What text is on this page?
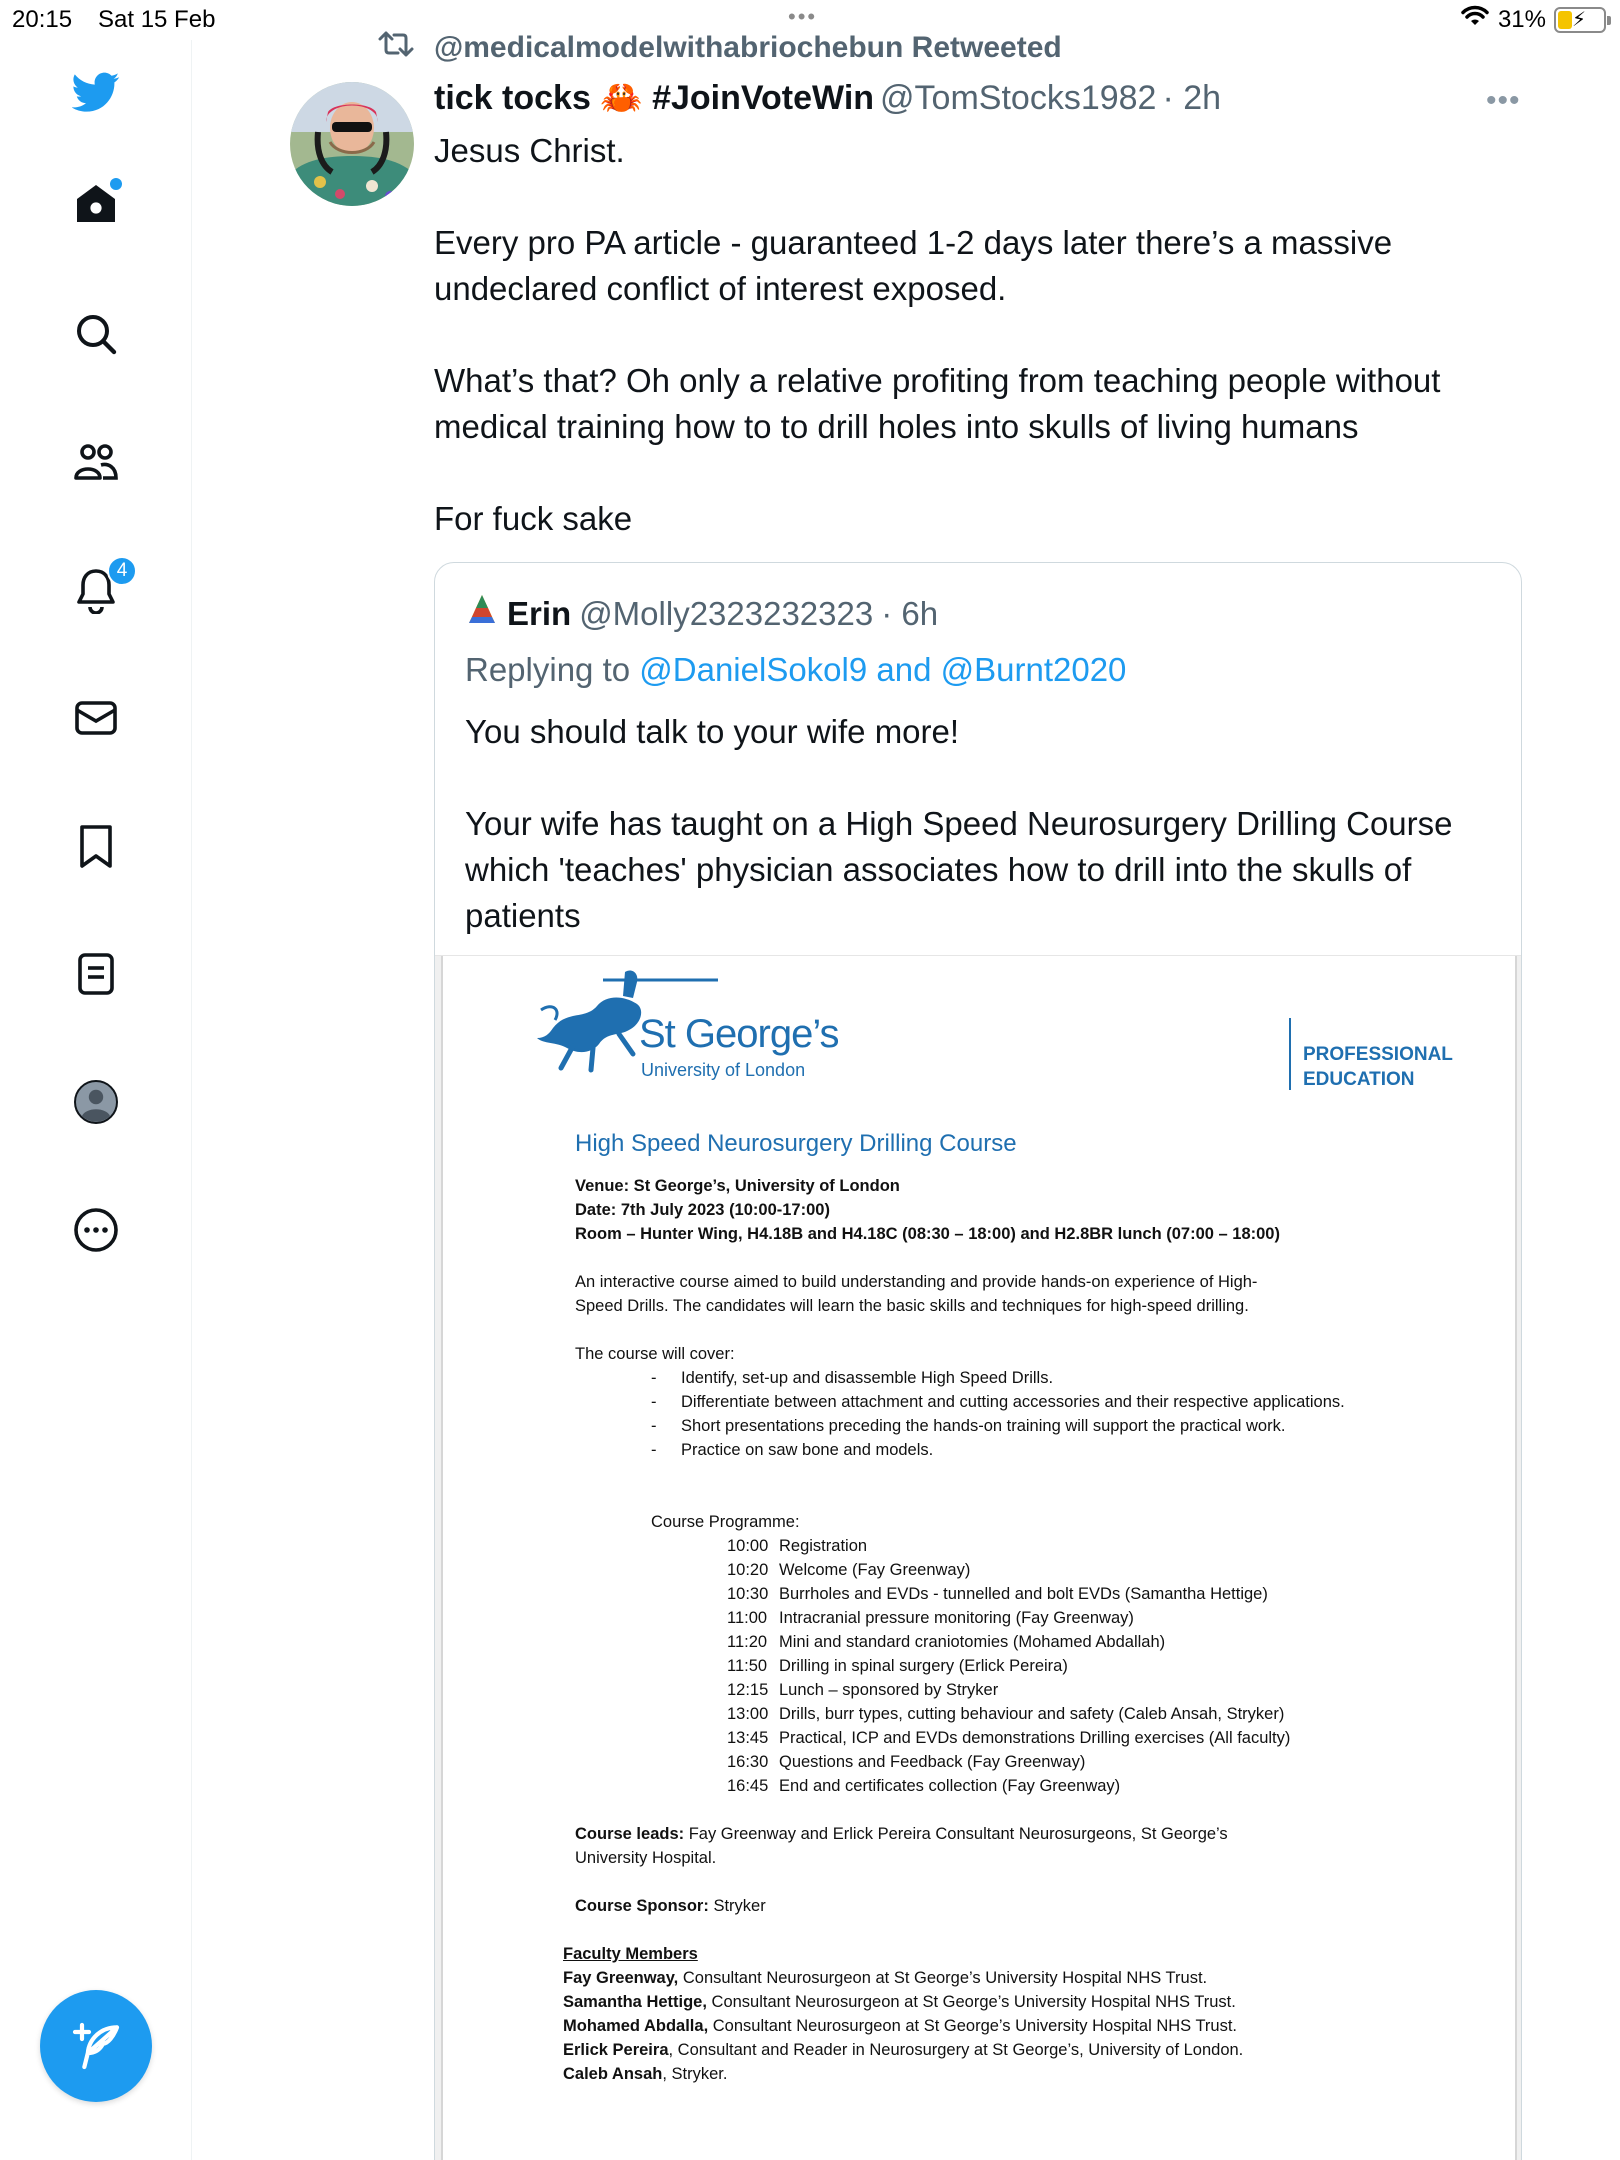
20:15 Sat 15 Feb	•••	31% ⚡
4
@medicalmodelwithabriochebun Retweeted
tick tocks 🦀 #JoinVoteWin @TomStocks1982 · 2h	•••

Jesus Christ.

Every pro PA article - guaranteed 1-2 days later there’s a massive undeclared conflict of interest exposed.

What’s that? Oh only a relative profiting from teaching people without medical training how to to drill holes into skulls of living humans

For fuck sake

Erin @Molly2323232323 · 6h
Replying to @DanielSokol9 and @Burnt2020

You should talk to your wife more!

Your wife has taught on a High Speed Neurosurgery Drilling Course which 'teaches' physician associates how to drill into the skulls of patients

St George’s
University of London
PROFESSIONAL
EDUCATION
High Speed Neurosurgery Drilling Course
Venue: St George’s, University of London
Date: 7th July 2023 (10:00-17:00)
Room – Hunter Wing, H4.18B and H4.18C (08:30 – 18:00) and H2.8BR lunch (07:00 – 18:00)
An interactive course aimed to build understanding and provide hands-on experience of High-
Speed Drills. The candidates will learn the basic skills and techniques for high-speed drilling.
The course will cover:
- Identify, set-up and disassemble High Speed Drills.
- Differentiate between attachment and cutting accessories and their respective applications.
- Short presentations preceding the hands-on training will support the practical work.
- Practice on saw bone and models.
Course Programme:
10:00 Registration
10:20 Welcome (Fay Greenway)
10:30 Burrholes and EVDs - tunnelled and bolt EVDs (Samantha Hettige)
11:00 Intracranial pressure monitoring (Fay Greenway)
11:20 Mini and standard craniotomies (Mohamed Abdallah)
11:50 Drilling in spinal surgery (Erlick Pereira)
12:15 Lunch – sponsored by Stryker
13:00 Drills, burr types, cutting behaviour and safety (Caleb Ansah, Stryker)
13:45 Practical, ICP and EVDs demonstrations Drilling exercises (All faculty)
16:30 Questions and Feedback (Fay Greenway)
16:45 End and certificates collection (Fay Greenway)
Course leads: Fay Greenway and Erlick Pereira Consultant Neurosurgeons, St George’s
University Hospital.
Course Sponsor: Stryker
Faculty Members
Fay Greenway, Consultant Neurosurgeon at St George’s University Hospital NHS Trust.
Samantha Hettige, Consultant Neurosurgeon at St George’s University Hospital NHS Trust.
Mohamed Abdalla, Consultant Neurosurgeon at St George’s University Hospital NHS Trust.
Erlick Pereira, Consultant and Reader in Neurosurgery at St George’s, University of London.
Caleb Ansah, Stryker.
